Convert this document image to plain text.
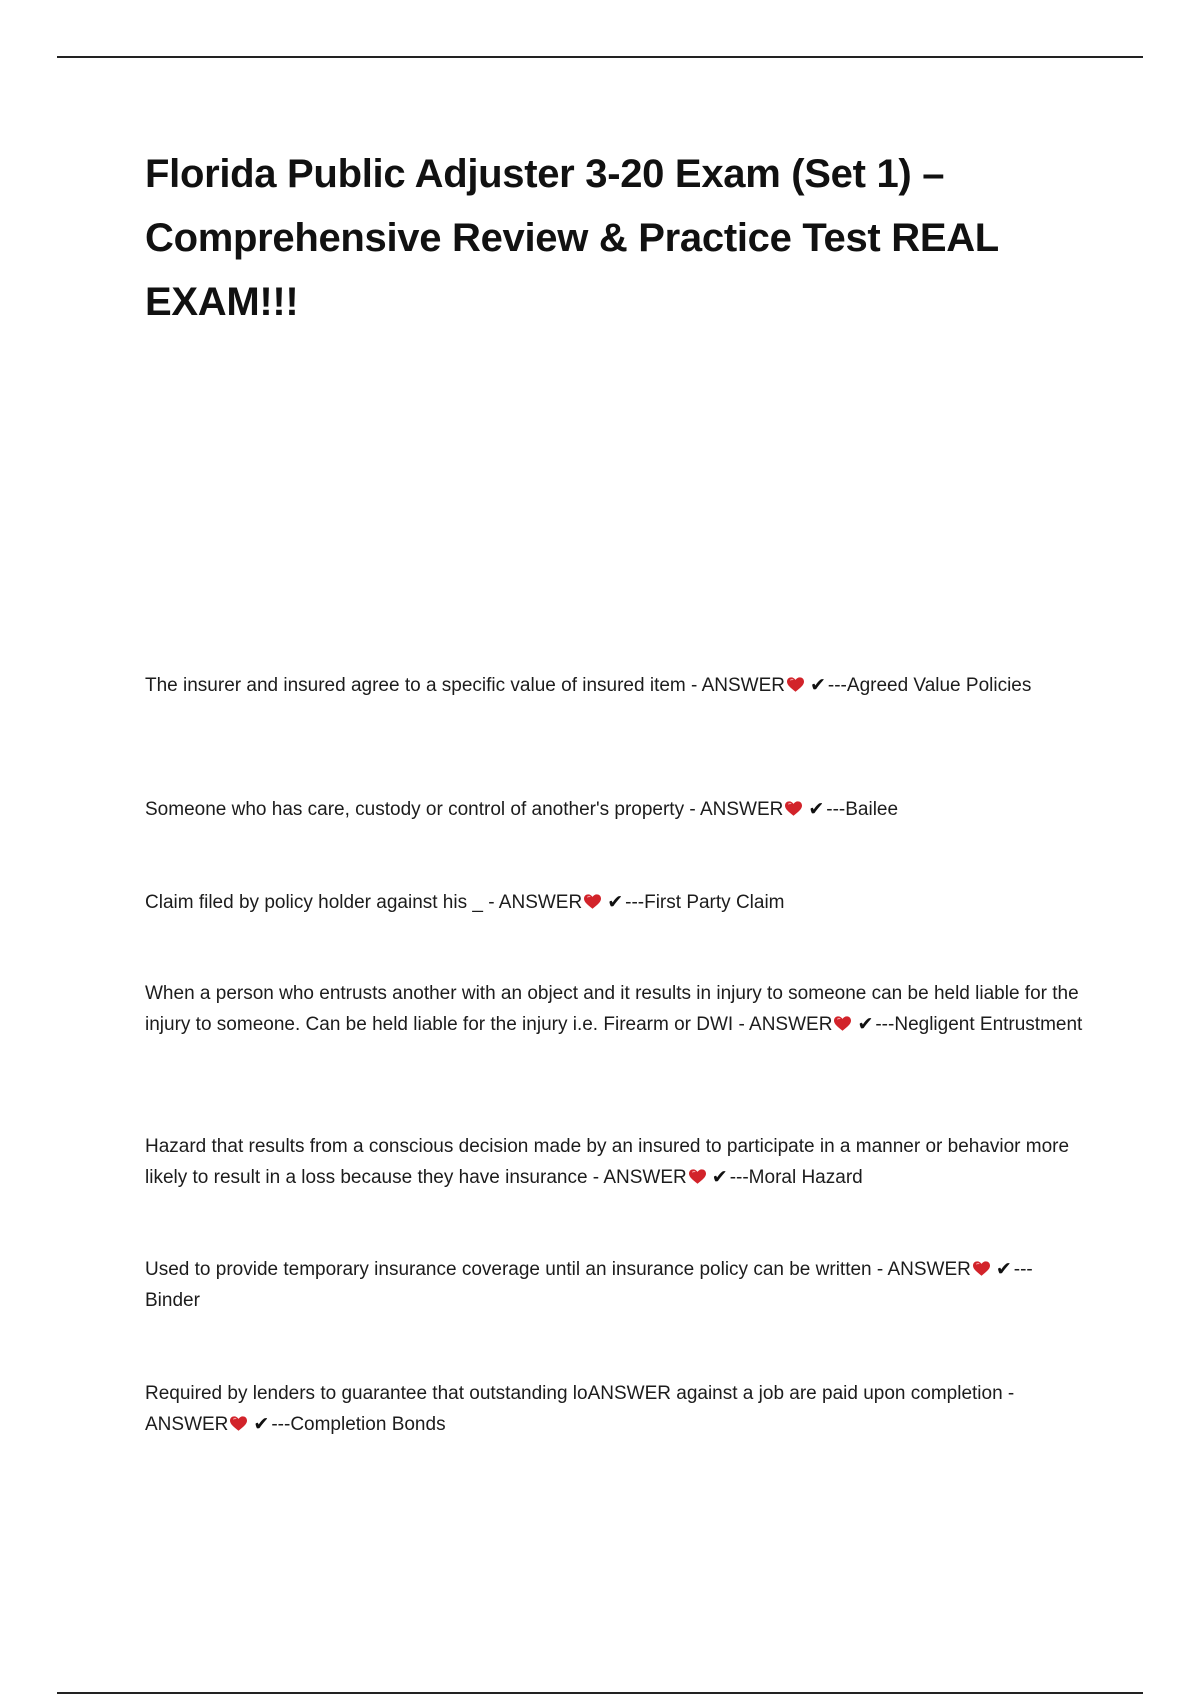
Florida Public Adjuster 3-20 Exam (Set 1) – Comprehensive Review & Practice Test REAL EXAM!!!

The insurer and insured agree to a specific value of insured item - ANSWER ✔ ---Agreed Value Policies

Someone who has care, custody or control of another's property - ANSWER ✔ ---Bailee

Claim filed by policy holder against his _ - ANSWER ✔ ---First Party Claim

When a person who entrusts another with an object and it results in injury to someone can be held liable for the injury to someone. Can be held liable for the injury i.e. Firearm or DWI - ANSWER ✔ ---Negligent Entrustment

Hazard that results from a conscious decision made by an insured to participate in a manner or behavior more likely to result in a loss because they have insurance - ANSWER ✔ ---Moral Hazard

Used to provide temporary insurance coverage until an insurance policy can be written - ANSWER ✔ ---Binder

Required by lenders to guarantee that outstanding loANSWER against a job are paid upon completion - ANSWER ✔ ---Completion Bonds
